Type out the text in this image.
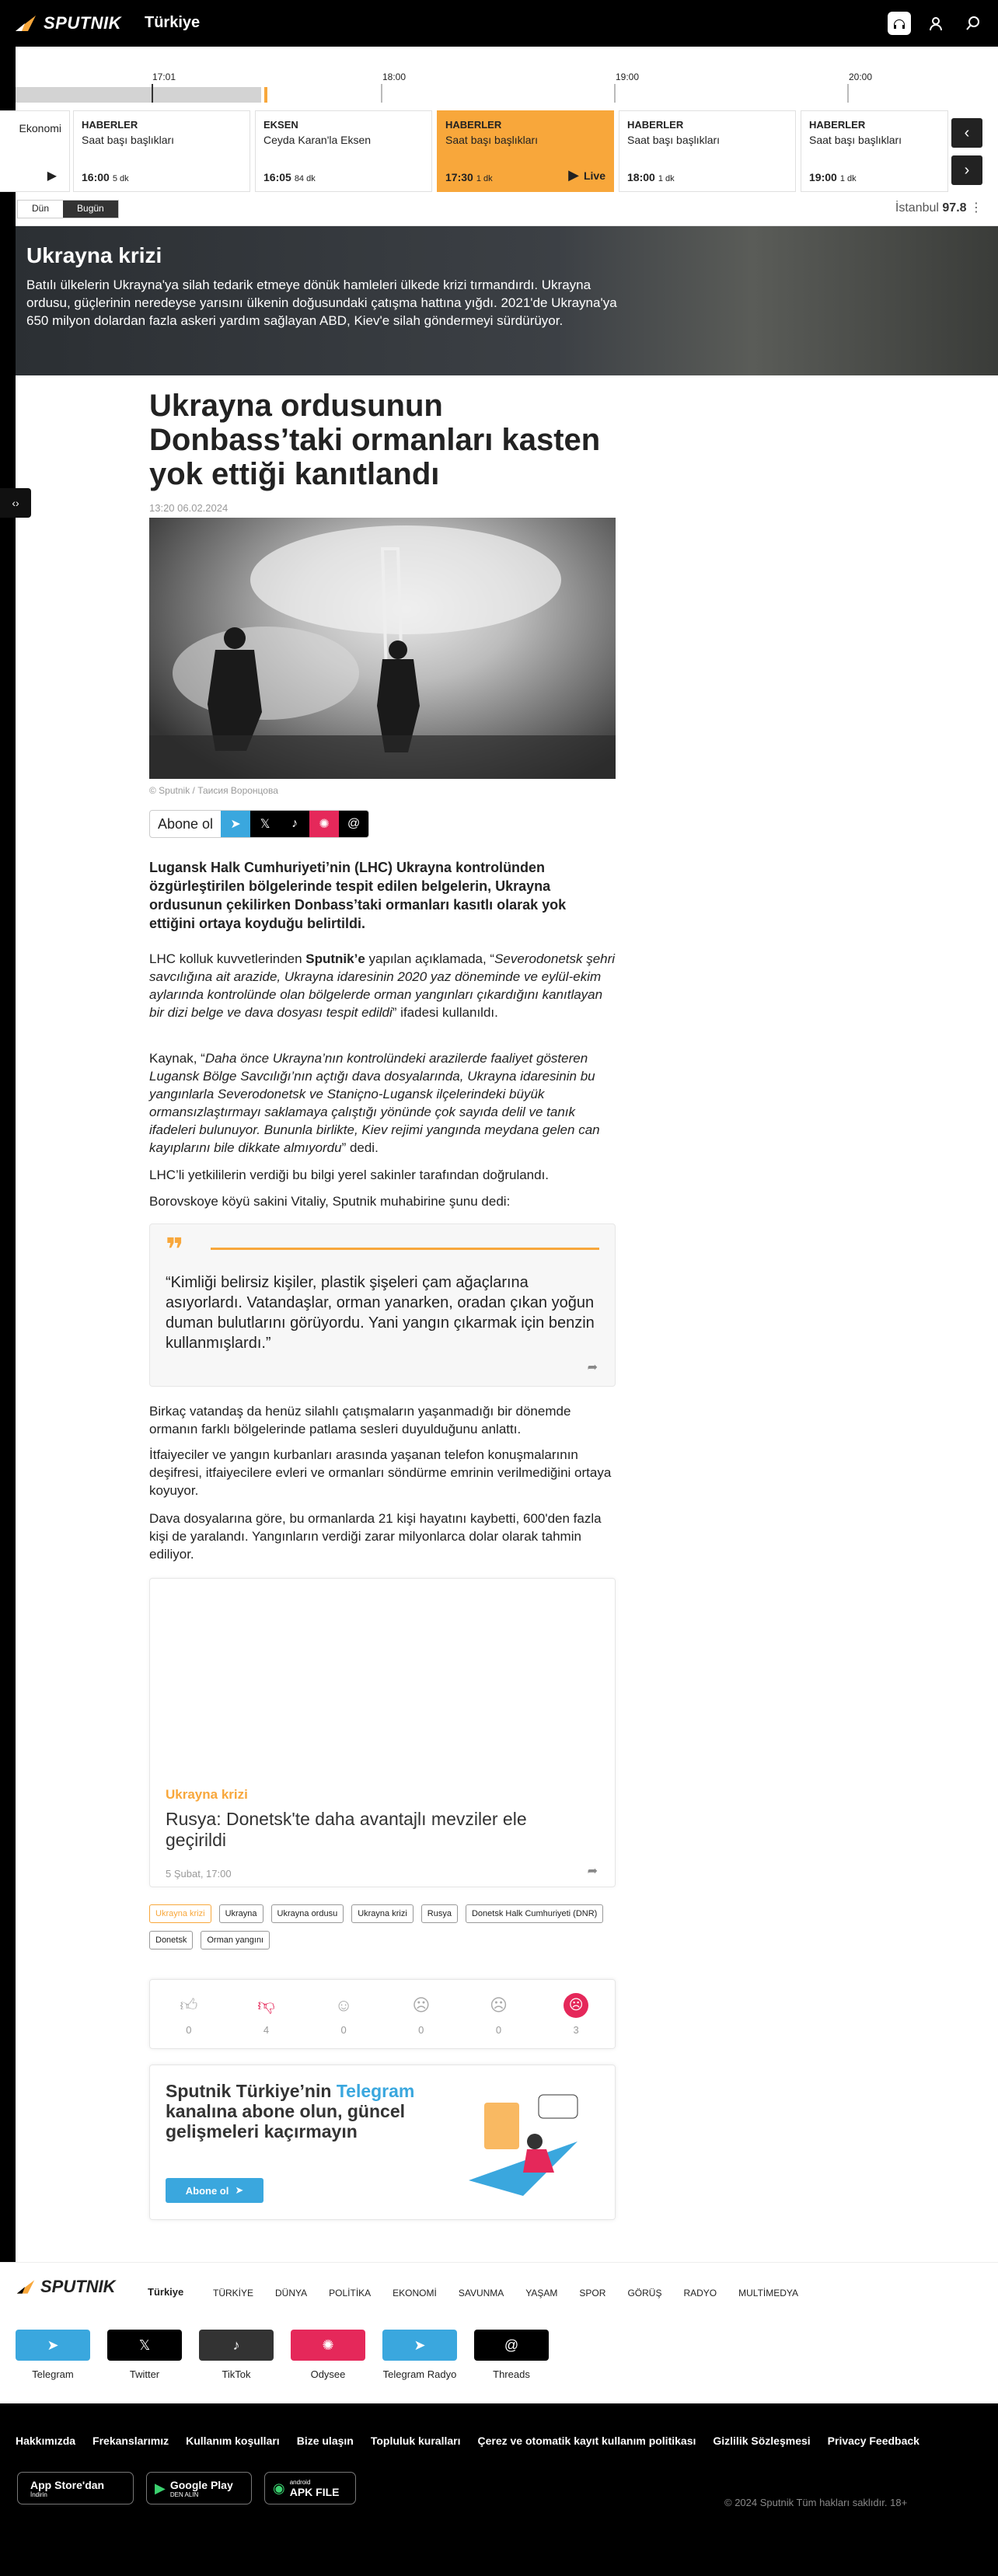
SPUTNIK Türkiye
17:01	18:00	19:00	20:00
Ekonomi
▶
HABERLER
Saat başı başlıkları
16:00 5 dk
EKSEN
Ceyda Karan'la Eksen
16:05 84 dk
HABERLER
Saat başı başlıkları
17:30 1 dk	▶ Live
HABERLER
Saat başı başlıkları
18:00 1 dk
HABERLER
Saat başı başlıkları
19:00 1 dk
‹
›
Dün	Bugün	İstanbul 97.8 ⋮
Ukrayna krizi

Batılı ülkelerin Ukrayna'ya silah tedarik etmeye dönük hamleleri ülkede krizi tırmandırdı. Ukrayna ordusu, güçlerinin neredeyse yarısını ülkenin doğusundaki çatışma hattına yığdı. 2021'de Ukrayna'ya 650 milyon dolardan fazla askeri yardım sağlayan ABD, Kiev'e silah göndermeyi sürdürüyor.

‹›
Ukrayna ordusunun Donbass’taki ormanları kasten yok ettiği kanıtlandı
13:20 06.02.2024
© Sputnik / Таисия Воронцова
Abone ol	➤	𝕏	♪	✺	@
Lugansk Halk Cumhuriyeti’nin (LHC) Ukrayna kontrolünden özgürleştirilen bölgelerinde tespit edilen belgelerin, Ukrayna ordusunun çekilirken Donbass’taki ormanları kasıtlı olarak yok ettiğini ortaya koyduğu belirtildi.
LHC kolluk kuvvetlerinden Sputnik’e yapılan açıklamada, “Severodonetsk şehri savcılığına ait arazide, Ukrayna idaresinin 2020 yaz döneminde ve eylül-ekim aylarında kontrolünde olan bölgelerde orman yangınları çıkardığını kanıtlayan bir dizi belge ve dava dosyası tespit edildi” ifadesi kullanıldı.
Kaynak, “Daha önce Ukrayna’nın kontrolündeki arazilerde faaliyet gösteren Lugansk Bölge Savcılığı’nın açtığı dava dosyalarında, Ukrayna idaresinin bu yangınlarla Severodonetsk ve Staniçno-Lugansk ilçelerindeki büyük ormansızlaştırmayı saklamaya çalıştığı yönünde çok sayıda delil ve tanık ifadeleri bulunuyor. Bununla birlikte, Kiev rejimi yangında meydana gelen can kayıplarını bile dikkate almıyordu” dedi.
LHC’li yetkililerin verdiği bu bilgi yerel sakinler tarafından doğrulandı.
Borovskoye köyü sakini Vitaliy, Sputnik muhabirine şunu dedi:
❞

“Kimliği belirsiz kişiler, plastik şişeleri çam ağaçlarına asıyorlardı. Vatandaşlar, orman yanarken, oradan çıkan yoğun duman bulutlarını görüyordu. Yani yangın çıkarmak için benzin kullanmışlardı.”

➦
Birkaç vatandaş da henüz silahlı çatışmaların yaşanmadığı bir dönemde ormanın farklı bölgelerinde patlama sesleri duyulduğunu anlattı.
İtfaiyeciler ve yangın kurbanları arasında yaşanan telefon konuşmalarının deşifresi, itfaiyecilere evleri ve ormanları söndürme emrinin verilmediğini ortaya koyuyor.
Dava dosyalarına göre, bu ormanlarda 21 kişi hayatını kaybetti, 600'den fazla kişi de yaralandı. Yangınların verdiği zarar milyonlarca dolar olarak tahmin ediliyor.
Ukrayna krizi
Rusya: Donetsk'te daha avantajlı mevziler ele geçirildi
5 Şubat, 17:00	➦
Ukrayna krizi	Ukrayna	Ukrayna ordusu	Ukrayna krizi	Rusya	Donetsk Halk Cumhuriyeti (DNR)
Donetsk	Orman yangını
👍︎
0
👎︎
4
☺
0
☹
0
☹
0
☹
3
Sputnik Türkiye’nin Telegram kanalına abone olun, güncel gelişmeleri kaçırmayın
Abone ol ➤
SPUTNIK	Türkiye	TÜRKİYE DÜNYA POLİTİKA EKONOMİ SAVUNMA YAŞAM SPOR GÖRÜŞ RADYO MULTİMEDYA
➤
Telegram
𝕏
Twitter
♪
TikTok
✺
Odysee
➤
Telegram Radyo
@
Threads
Hakkımızda Frekanslarımız Kullanım koşulları Bize ulaşın Topluluk kuralları Çerez ve otomatik kayıt kullanım politikası Gizlilik Sözleşmesi Privacy Feedback
App Store'dan
İndirin	▶ Google Play
DEN ALIN	◉ android
APK FILE
© 2024 Sputnik Tüm hakları saklıdır. 18+
